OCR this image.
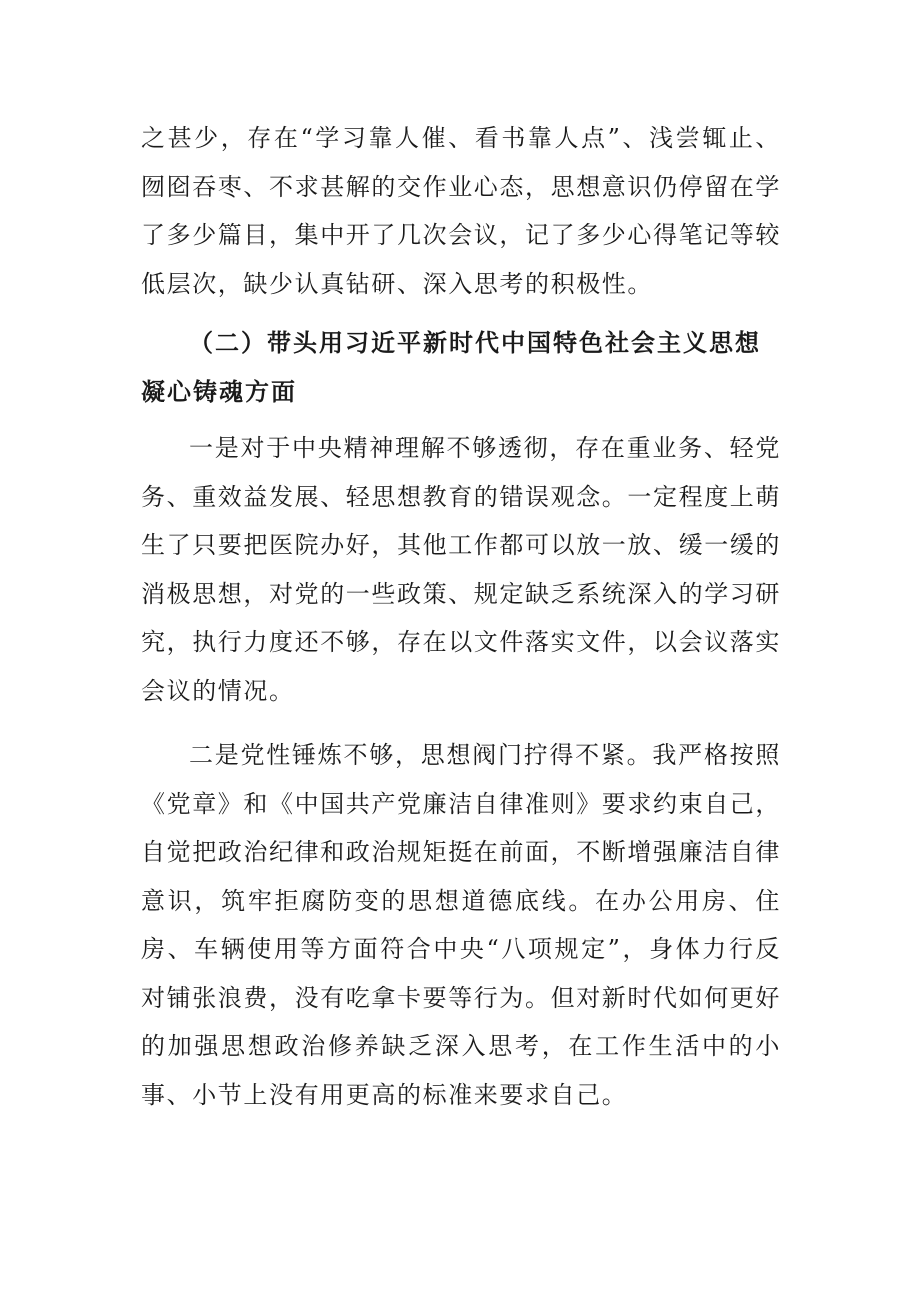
之甚少，存在“学习靠人催、看书靠人点”、浅尝辄止、囫囵吞枣、不求甚解的交作业心态，思想意识仍停留在学了多少篇目，集中开了几次会议，记了多少心得笔记等较低层次，缺少认真钻研、深入思考的积极性。

（二）带头用习近平新时代中国特色社会主义思想凝心铸魂方面

一是对于中央精神理解不够透彻，存在重业务、轻党务、重效益发展、轻思想教育的错误观念。一定程度上萌生了只要把医院办好，其他工作都可以放一放、缓一缓的消极思想，对党的一些政策、规定缺乏系统深入的学习研究，执行力度还不够，存在以文件落实文件，以会议落实会议的情况。

二是党性锤炼不够，思想阀门拧得不紧。我严格按照《党章》和《中国共产党廉洁自律准则》要求约束自己，自觉把政治纪律和政治规矩挺在前面，不断增强廉洁自律意识，筑牢拒腐防变的思想道德底线。在办公用房、住房、车辆使用等方面符合中央“八项规定”，身体力行反对铺张浪费，没有吃拿卡要等行为。但对新时代如何更好的加强思想政治修养缺乏深入思考，在工作生活中的小事、小节上没有用更高的标准来要求自己。
